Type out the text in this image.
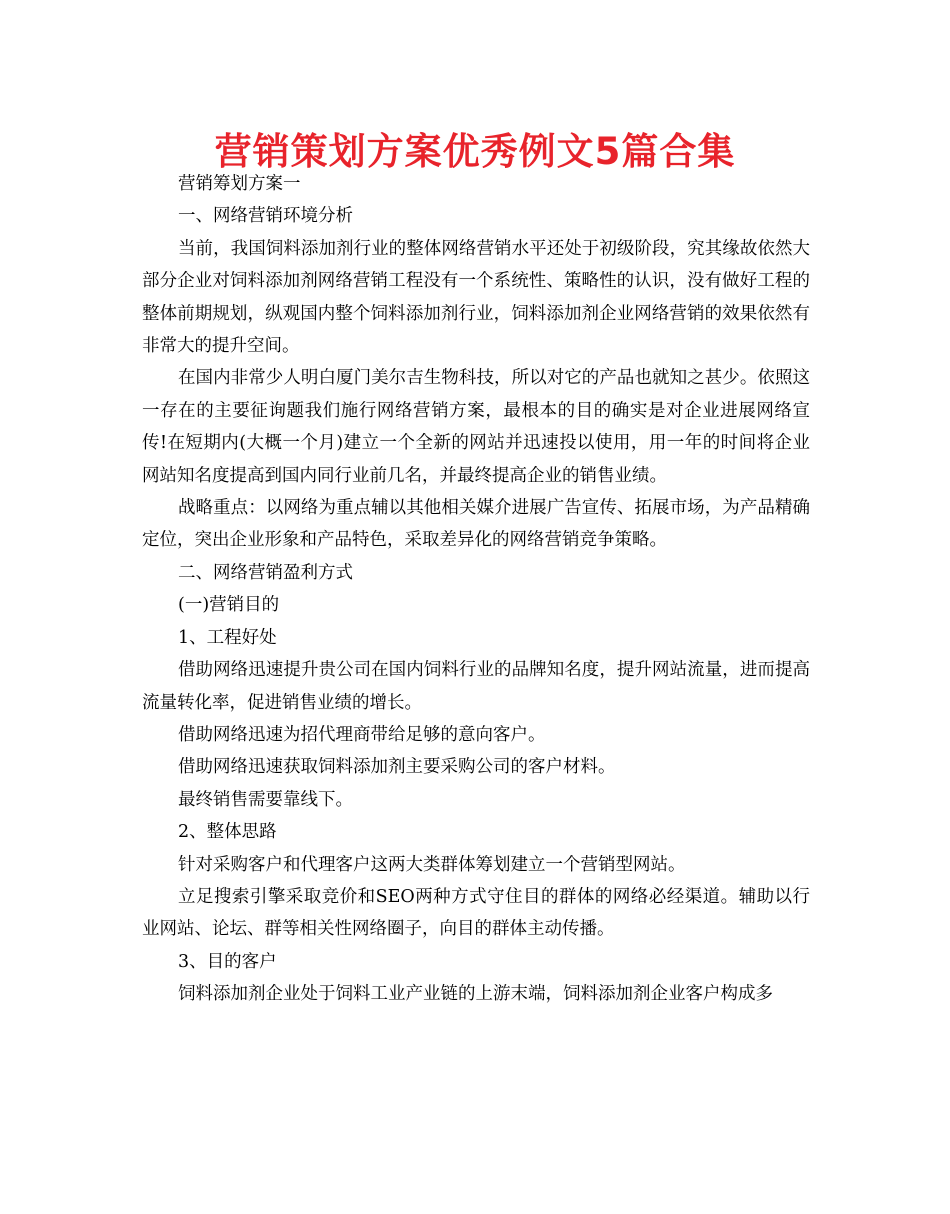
营销策划方案优秀例文5篇合集

营销筹划方案一

一、网络营销环境分析

当前，我国饲料添加剂行业的整体网络营销水平还处于初级阶段，究其缘故依然大部分企业对饲料添加剂网络营销工程没有一个系统性、策略性的认识，没有做好工程的整体前期规划，纵观国内整个饲料添加剂行业，饲料添加剂企业网络营销的效果依然有非常大的提升空间。

在国内非常少人明白厦门美尔吉生物科技，所以对它的产品也就知之甚少。依照这一存在的主要征询题我们施行网络营销方案，最根本的目的确实是对企业进展网络宣传!在短期内(大概一个月)建立一个全新的网站并迅速投以使用，用一年的时间将企业网站知名度提高到国内同行业前几名，并最终提高企业的销售业绩。

战略重点：以网络为重点辅以其他相关媒介进展广告宣传、拓展市场，为产品精确定位，突出企业形象和产品特色，采取差异化的网络营销竞争策略。

二、网络营销盈利方式

(一)营销目的

1、工程好处

借助网络迅速提升贵公司在国内饲料行业的品牌知名度，提升网站流量，进而提高流量转化率，促进销售业绩的增长。

借助网络迅速为招代理商带给足够的意向客户。

借助网络迅速获取饲料添加剂主要采购公司的客户材料。

最终销售需要靠线下。

2、整体思路

针对采购客户和代理客户这两大类群体筹划建立一个营销型网站。

立足搜索引擎采取竞价和SEO两种方式守住目的群体的网络必经渠道。辅助以行业网站、论坛、群等相关性网络圈子，向目的群体主动传播。

3、目的客户

饲料添加剂企业处于饲料工业产业链的上游末端，饲料添加剂企业客户构成多
